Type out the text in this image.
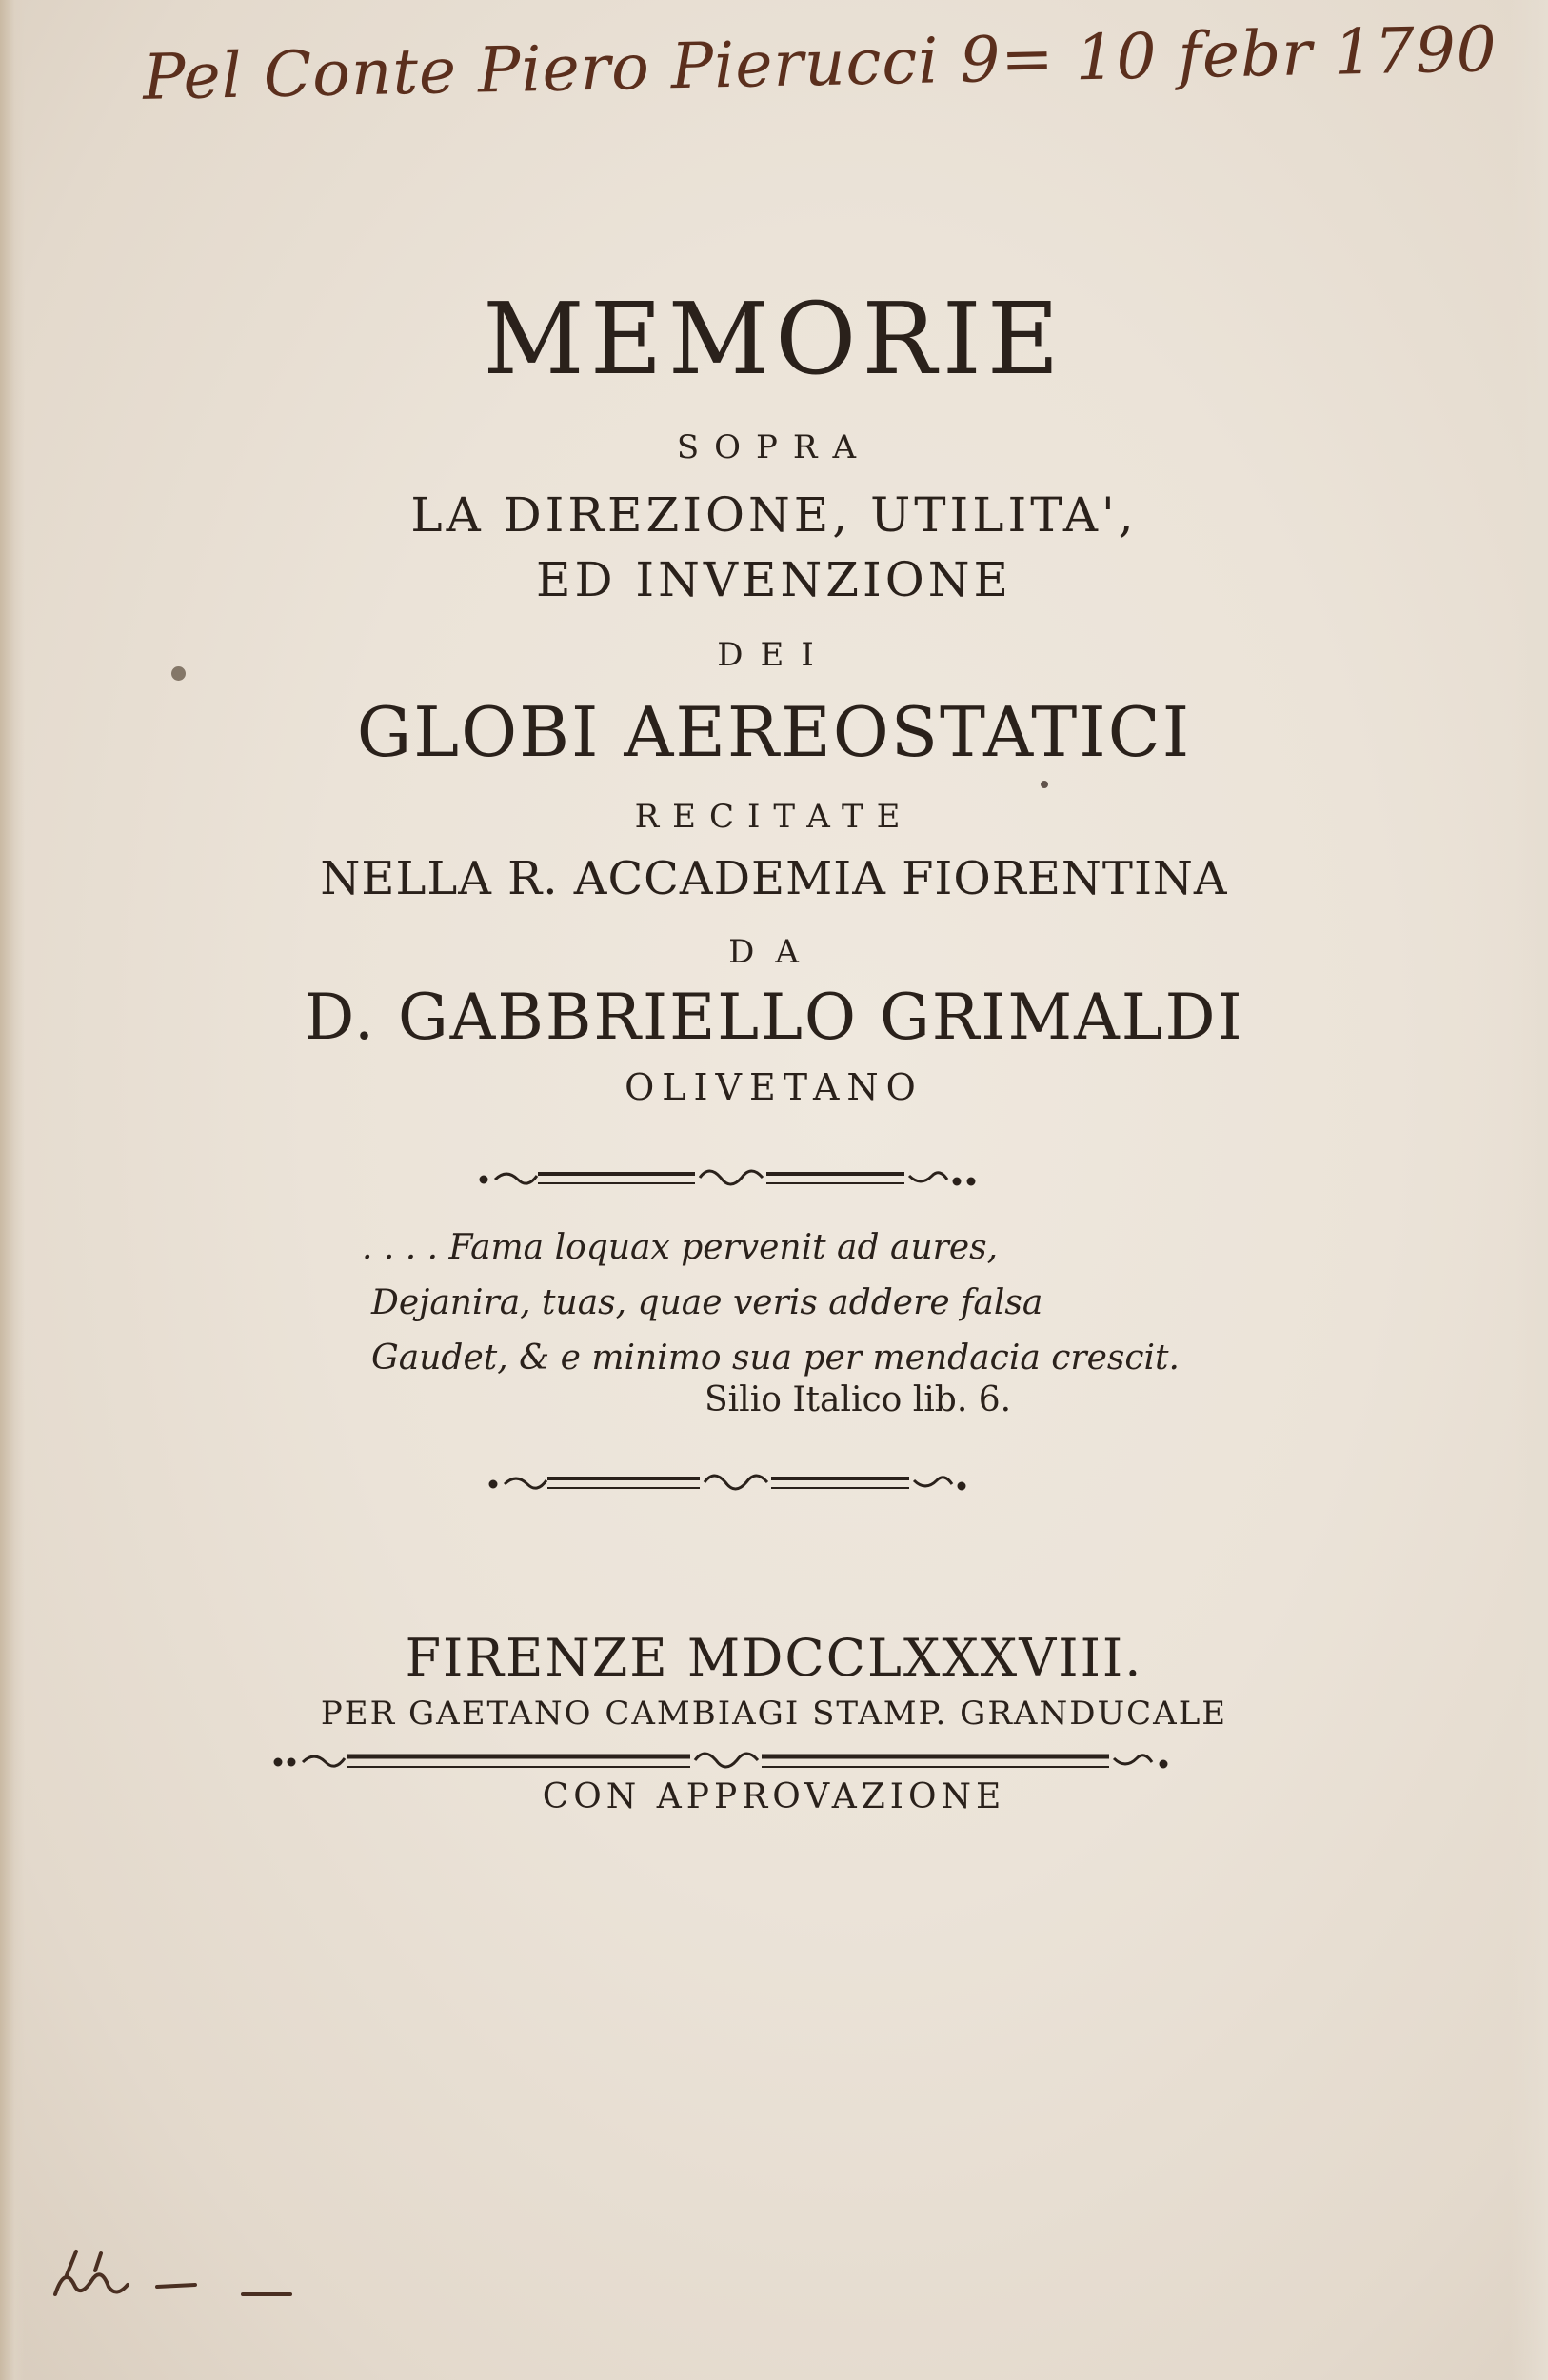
Pel Conte Piero Pierucci 9= 10 febr 1790
MEMORIE
SOPRA
LA DIREZIONE, UTILITA',
ED INVENZIONE
DEI
GLOBI AEREOSTATICI
RECITATE
NELLA R. ACCADEMIA FIORENTINA
DA
D. GABBRIELLO GRIMALDI
OLIVETANO
. . . . Fama loquax pervenit ad aures,
Dejanira, tuas, quae veris addere falsa
Gaudet, & e minimo sua per mendacia crescit.
Silio Italico lib. 6.
FIRENZE MDCCLXXXVIII.
PER GAETANO CAMBIAGI STAMP. GRANDUCALE
CON APPROVAZIONE
